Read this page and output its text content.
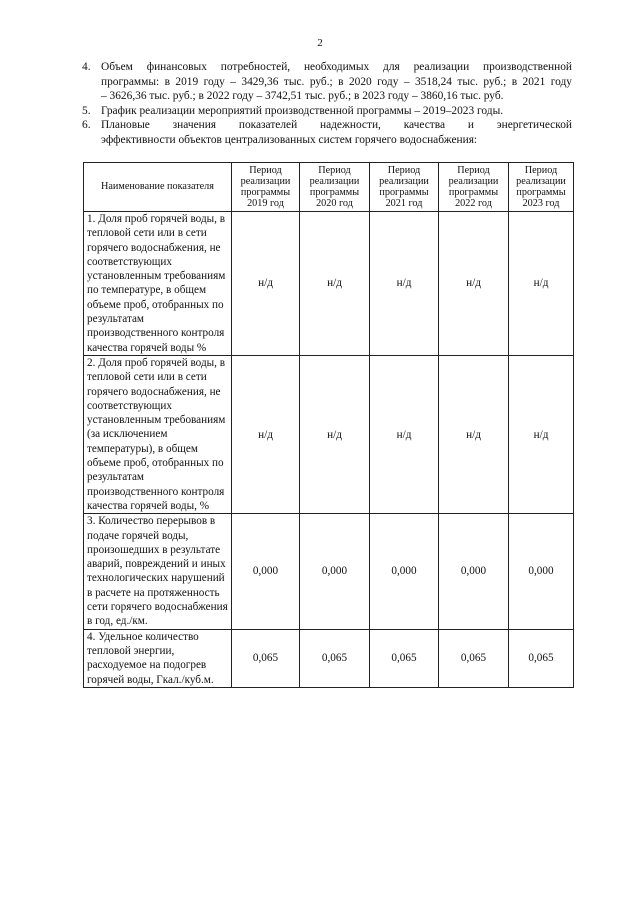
2
4. Объем финансовых потребностей, необходимых для реализации производственной
программы: в 2019 году – 3429,36 тыс. руб.; в 2020 году – 3518,24 тыс. руб.; в 2021 году
– 3626,36 тыс. руб.; в 2022 году – 3742,51 тыс. руб.; в 2023 году – 3860,16 тыс. руб.
5. График реализации мероприятий производственной программы – 2019–2023 годы.
6. Плановые значения показателей надежности, качества и энергетической
эффективности объектов централизованных систем горячего водоснабжения:
Наименование показателя	Период реализации программы 2019 год	Период реализации программы 2020 год	Период реализации программы 2021 год	Период реализации программы 2022 год	Период реализации программы 2023 год
1. Доля проб горячей воды, в тепловой сети или в сети горячего водоснабжения, не соответствующих установленным требованиям по температуре, в общем объеме проб, отобранных по результатам производственного контроля качества горячей воды %	н/д	н/д	н/д	н/д	н/д
2. Доля проб горячей воды, в тепловой сети или в сети горячего водоснабжения, не соответствующих установленным требованиям (за исключением температуры), в общем объеме проб, отобранных по результатам производственного контроля качества горячей воды, %	н/д	н/д	н/д	н/д	н/д
3. Количество перерывов в подаче горячей воды, произошедших в результате аварий, повреждений и иных технологических нарушений в расчете на протяженность сети горячего водоснабжения в год, ед./км.	0,000	0,000	0,000	0,000	0,000
4. Удельное количество тепловой энергии, расходуемое на подогрев горячей воды, Гкал./куб.м.	0,065	0,065	0,065	0,065	0,065
